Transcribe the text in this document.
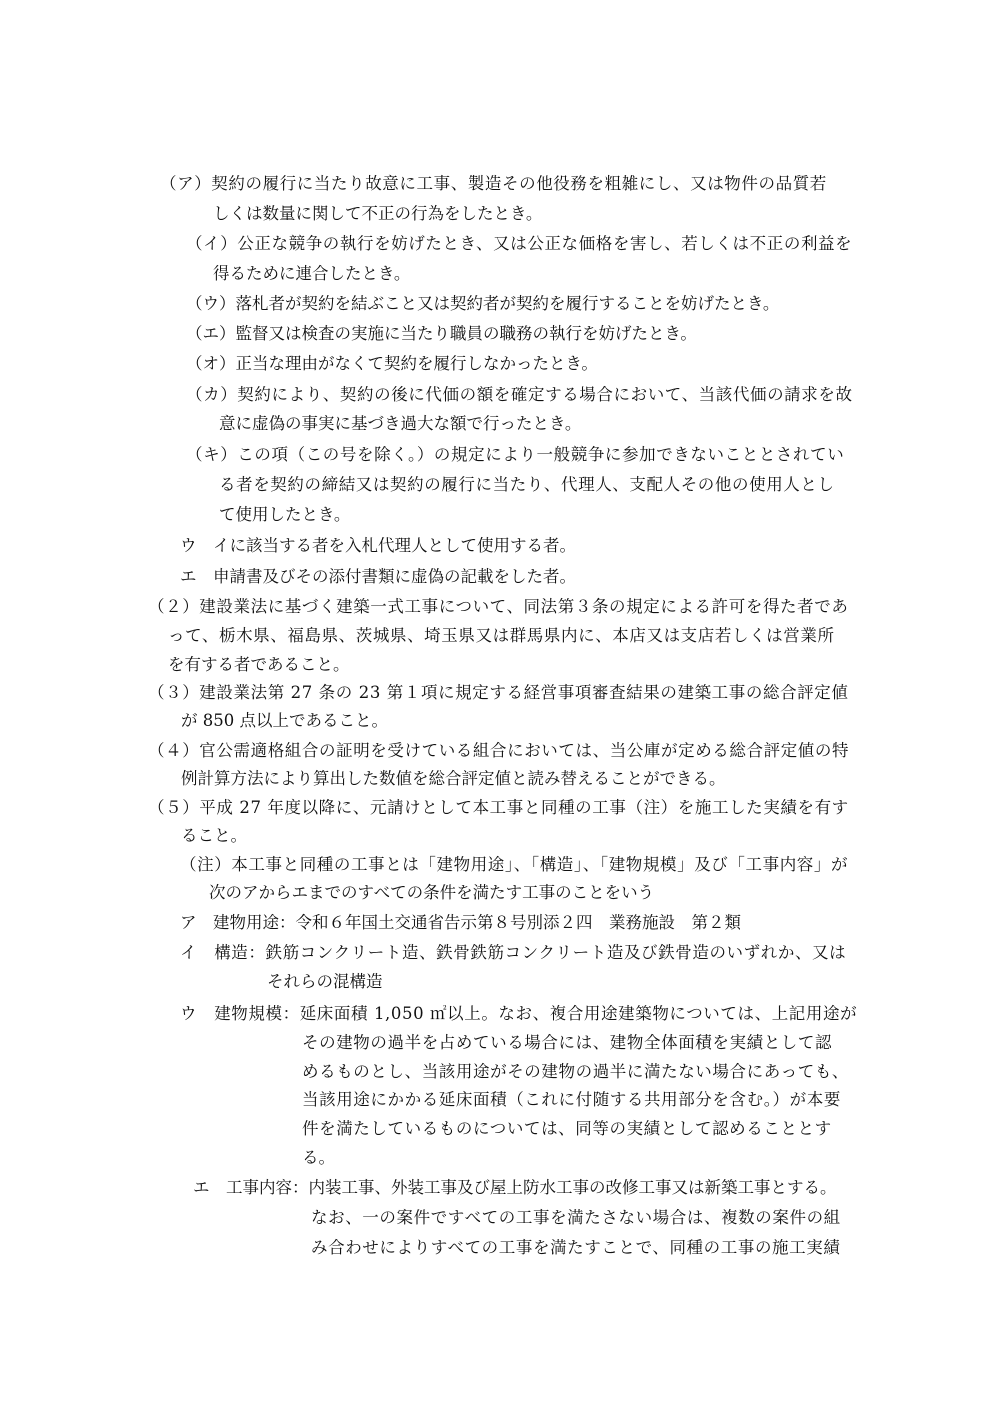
（ア）契約の履行に当たり故意に工事、製造その他役務を粗雑にし、又は物件の品質若
しくは数量に関して不正の行為をしたとき。
（イ）公正な競争の執行を妨げたとき、又は公正な価格を害し、若しくは不正の利益を
得るために連合したとき。
（ウ）落札者が契約を結ぶこと又は契約者が契約を履行することを妨げたとき。
（エ）監督又は検査の実施に当たり職員の職務の執行を妨げたとき。
（オ）正当な理由がなくて契約を履行しなかったとき。
（カ）契約により、契約の後に代価の額を確定する場合において、当該代価の請求を故
意に虚偽の事実に基づき過大な額で行ったとき。
（キ）この項（この号を除く。）の規定により一般競争に参加できないこととされてい
る者を契約の締結又は契約の履行に当たり、代理人、支配人その他の使用人とし
て使用したとき。
ウ　イに該当する者を入札代理人として使用する者。
エ　申請書及びその添付書類に虚偽の記載をした者。
（２）建設業法に基づく建築一式工事について、同法第３条の規定による許可を得た者であ
って、栃木県、福島県、茨城県、埼玉県又は群馬県内に、本店又は支店若しくは営業所
を有する者であること。
（３）建設業法第 27 条の 23 第１項に規定する経営事項審査結果の建築工事の総合評定値
が 850 点以上であること。
（４）官公需適格組合の証明を受けている組合においては、当公庫が定める総合評定値の特
例計算方法により算出した数値を総合評定値と読み替えることができる。
（５）平成 27 年度以降に、元請けとして本工事と同種の工事（注）を施工した実績を有す
ること。
（注）本工事と同種の工事とは「建物用途」、「構造」、「建物規模」及び「工事内容」が
次のアからエまでのすべての条件を満たす工事のことをいう
ア　建物用途：令和６年国土交通省告示第８号別添２四　業務施設　第２類
イ　構造：鉄筋コンクリート造、鉄骨鉄筋コンクリート造及び鉄骨造のいずれか、又は
それらの混構造
ウ　建物規模：延床面積 1,050 ㎡以上。なお、複合用途建築物については、上記用途が
その建物の過半を占めている場合には、建物全体面積を実績として認
めるものとし、当該用途がその建物の過半に満たない場合にあっても、
当該用途にかかる延床面積（これに付随する共用部分を含む。）が本要
件を満たしているものについては、同等の実績として認めることとす
る。
エ　工事内容：内装工事、外装工事及び屋上防水工事の改修工事又は新築工事とする。
なお、一の案件ですべての工事を満たさない場合は、複数の案件の組
み合わせによりすべての工事を満たすことで、同種の工事の施工実績
